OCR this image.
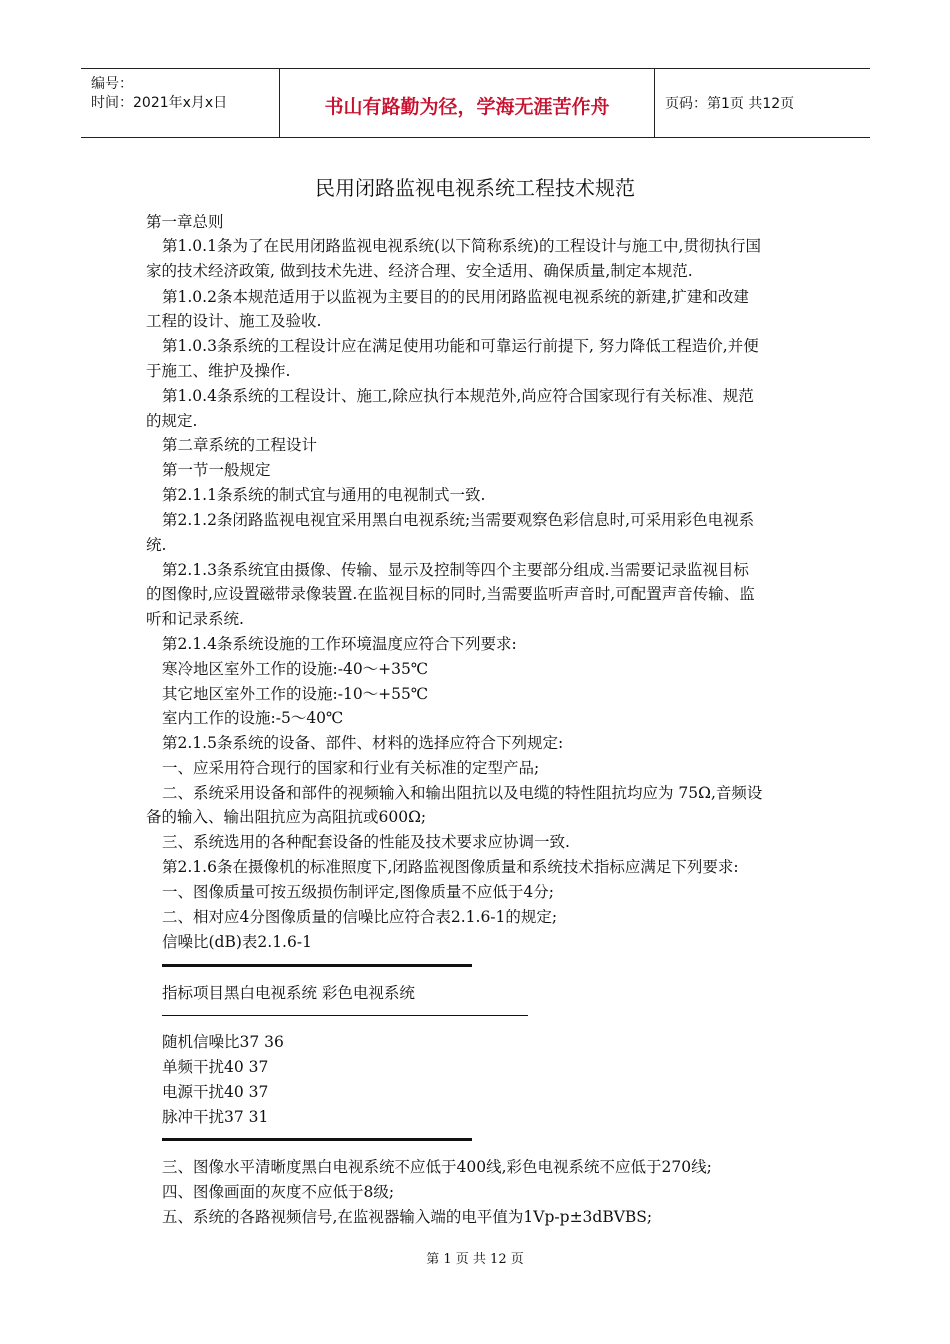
编号：
时间：2021年x月x日	书山有路勤为径，学海无涯苦作舟	页码：第1页 共12页
民用闭路监视电视系统工程技术规范
第一章总则
第1.0.1条为了在民用闭路监视电视系统(以下简称系统)的工程设计与施工中,贯彻执行国
家的技术经济政策, 做到技术先进、经济合理、安全适用、确保质量,制定本规范.
第1.0.2条本规范适用于以监视为主要目的的民用闭路监视电视系统的新建,扩建和改建
工程的设计、施工及验收.
第1.0.3条系统的工程设计应在满足使用功能和可靠运行前提下, 努力降低工程造价,并便
于施工、维护及操作.
第1.0.4条系统的工程设计、施工,除应执行本规范外,尚应符合国家现行有关标准、规范
的规定.
第二章系统的工程设计
第一节一般规定
第2.1.1条系统的制式宜与通用的电视制式一致.
第2.1.2条闭路监视电视宜采用黑白电视系统;当需要观察色彩信息时,可采用彩色电视系
统.
第2.1.3条系统宜由摄像、传输、显示及控制等四个主要部分组成.当需要记录监视目标
的图像时,应设置磁带录像装置.在监视目标的同时,当需要监听声音时,可配置声音传输、监
听和记录系统.
第2.1.4条系统设施的工作环境温度应符合下列要求:
寒冷地区室外工作的设施:-40～+35℃
其它地区室外工作的设施:-10～+55℃
室内工作的设施:-5～40℃
第2.1.5条系统的设备、部件、材料的选择应符合下列规定:
一、应采用符合现行的国家和行业有关标准的定型产品;
二、系统采用设备和部件的视频输入和输出阻抗以及电缆的特性阻抗均应为 75Ω,音频设
备的输入、输出阻抗应为高阻抗或600Ω;
三、系统选用的各种配套设备的性能及技术要求应协调一致.
第2.1.6条在摄像机的标准照度下,闭路监视图像质量和系统技术指标应满足下列要求:
一、图像质量可按五级损伤制评定,图像质量不应低于4分;
二、相对应4分图像质量的信噪比应符合表2.1.6-1的规定;
信噪比(dB)表2.1.6-1
指标项目黑白电视系统 彩色电视系统
随机信噪比37 36
单频干扰40 37
电源干扰40 37
脉冲干扰37 31
三、图像水平清晰度黑白电视系统不应低于400线,彩色电视系统不应低于270线;
四、图像画面的灰度不应低于8级;
五、系统的各路视频信号,在监视器输入端的电平值为1Vp-p±3dBVBS;
第 1 页 共 12 页
